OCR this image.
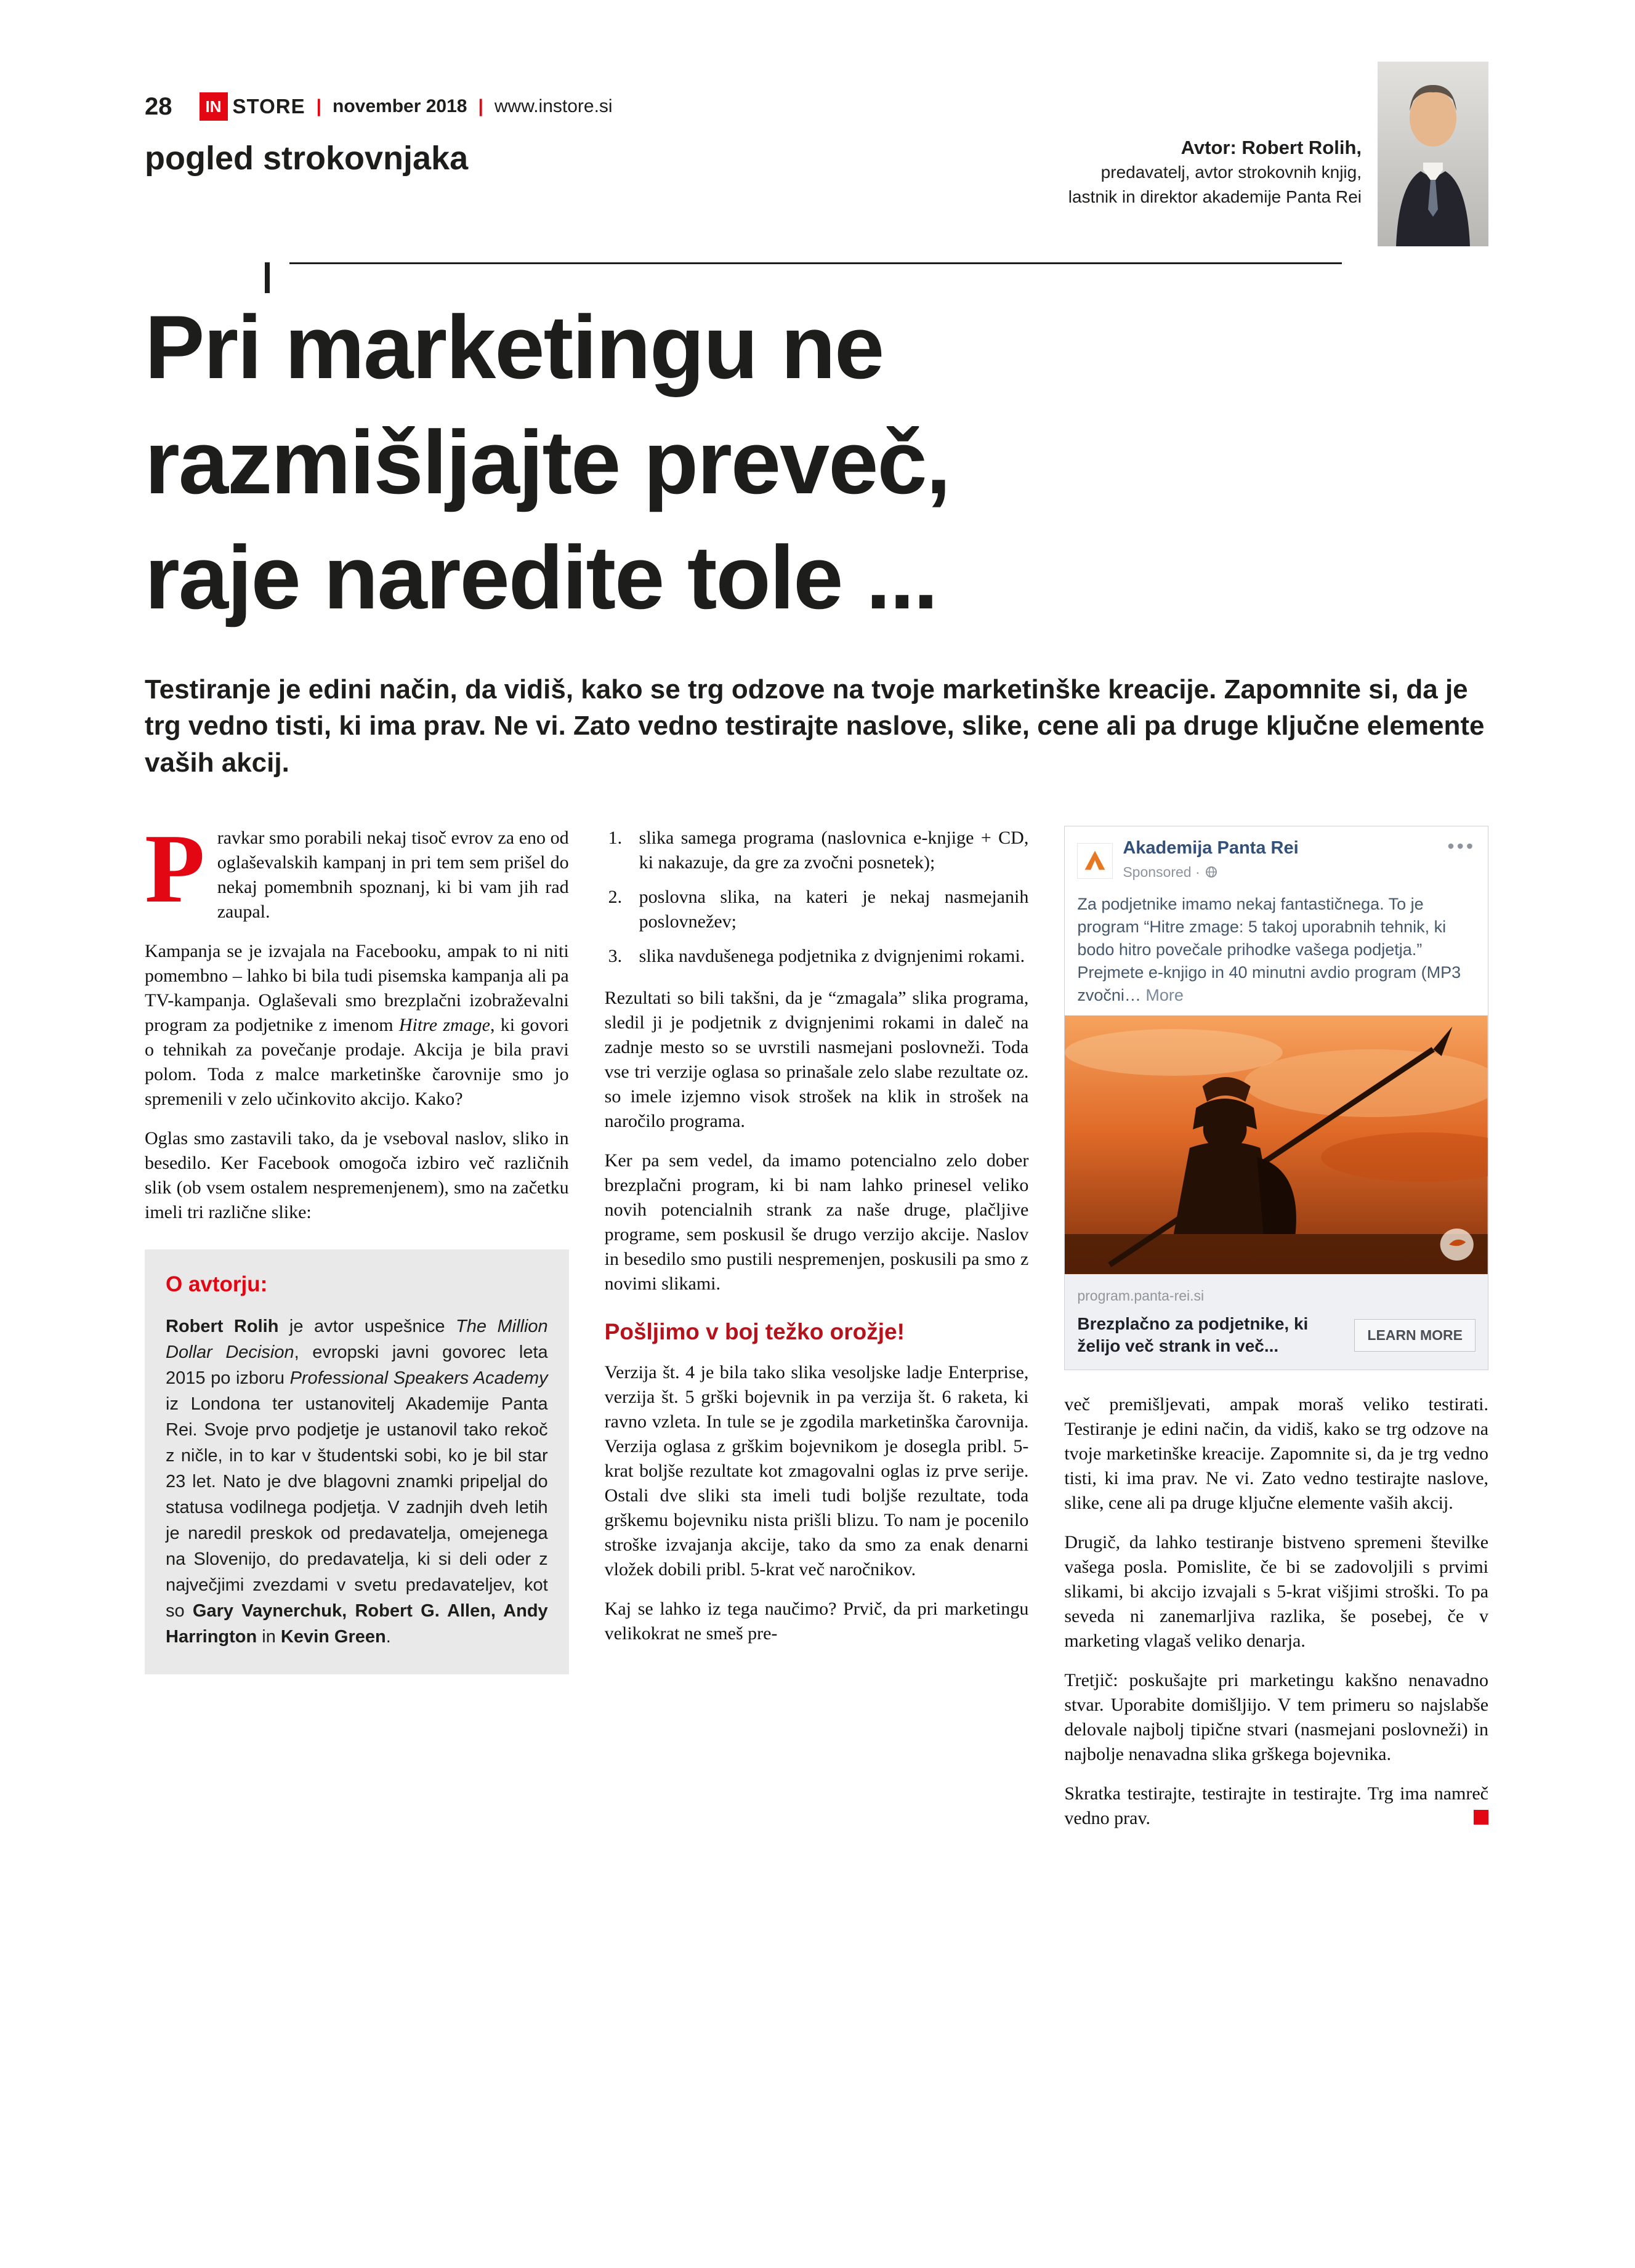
28	IN STORE | november 2018 | www.instore.si
pogled strokovnjaka	Avtor: Robert Rolih,
predavatelj, avtor strokovnih knjig,
lastnik in direktor akademije Panta Rei
Pri marketingu ne
razmišljajte preveč,
raje naredite tole ...

Testiranje je edini način, da vidiš, kako se trg odzove na tvoje marketinške kreacije. Zapomnite si, da je trg vedno tisti, ki ima prav. Ne vi. Zato vedno testirajte naslove, slike, cene ali pa druge ključne elemente vaših akcij.

Pravkar smo porabili nekaj tisoč evrov za eno od oglaševalskih kampanj in pri tem sem prišel do nekaj pomembnih spoznanj, ki bi vam jih rad zaupal.

Kampanja se je izvajala na Facebooku, ampak to ni niti pomembno – lahko bi bila tudi pisemska kampanja ali pa TV-kampanja. Oglaševali smo brezplačni izobraževalni program za podjetnike z imenom Hitre zmage, ki govori o tehnikah za povečanje prodaje. Akcija je bila pravi polom. Toda z malce marketinške čarovnije smo jo spremenili v zelo učinkovito akcijo. Kako?

Oglas smo zastavili tako, da je vseboval naslov, sliko in besedilo. Ker Facebook omogoča izbiro več različnih slik (ob vsem ostalem nespremenjenem), smo na začetku imeli tri različne slike:

O avtorju:

Robert Rolih je avtor uspešnice The Million Dollar Decision, evropski javni govorec leta 2015 po izboru Professional Speakers Academy iz Londona ter ustanovitelj Akademije Panta Rei. Svoje prvo podjetje je ustanovil tako rekoč z ničle, in to kar v študentski sobi, ko je bil star 23 let. Nato je dve blagovni znamki pripeljal do statusa vodilnega podjetja. V zadnjih dveh letih je naredil preskok od predavatelja, omejenega na Slovenijo, do predavatelja, ki si deli oder z največjimi zvezdami v svetu predavateljev, kot so Gary Vaynerchuk, Robert G. Allen, Andy Harrington in Kevin Green.

1. slika samega programa (naslovnica e-knjige + CD, ki nakazuje, da gre za zvočni posnetek);
2. poslovna slika, na kateri je nekaj nasmejanih poslovnežev;
3. slika navdušenega podjetnika z dvignjenimi rokami.

Rezultati so bili takšni, da je “zmagala” slika programa, sledil ji je podjetnik z dvignjenimi rokami in daleč na zadnje mesto so se uvrstili nasmejani poslovneži. Toda vse tri verzije oglasa so prinašale zelo slabe rezultate oz. so imele izjemno visok strošek na klik in strošek na naročilo programa.

Ker pa sem vedel, da imamo potencialno zelo dober brezplačni program, ki bi nam lahko prinesel veliko novih potencialnih strank za naše druge, plačljive programe, sem poskusil še drugo verzijo akcije. Naslov in besedilo smo pustili nespremenjen, poskusili pa smo z novimi slikami.

Pošljimo v boj težko orožje!

Verzija št. 4 je bila tako slika vesoljske ladje Enterprise, verzija št. 5 grški bojevnik in pa verzija št. 6 raketa, ki ravno vzleta. In tule se je zgodila marketinška čarovnija. Verzija oglasa z grškim bojevnikom je dosegla pribl. 5-krat boljše rezultate kot zmagovalni oglas iz prve serije. Ostali dve sliki sta imeli tudi boljše rezultate, toda grškemu bojevniku nista prišli blizu. To nam je pocenilo stroške izvajanja akcije, tako da smo za enak denarni vložek dobili pribl. 5-krat več naročnikov.

Kaj se lahko iz tega naučimo? Prvič, da pri marketingu velikokrat ne smeš pre-

Akademija Panta Rei
Sponsored ·
•••
Za podjetnike imamo nekaj fantastičnega. To je program “Hitre zmage: 5 takoj uporabnih tehnik, ki bodo hitro povečale prihodke vašega podjetja.”
Prejmete e-knjigo in 40 minutni avdio program (MP3 zvočni… More
program.panta-rei.si
Brezplačno za podjetnike, ki želijo več strank in več...
LEARN MORE

več premišljevati, ampak moraš veliko testirati. Testiranje je edini način, da vidiš, kako se trg odzove na tvoje marketinške kreacije. Zapomnite si, da je trg vedno tisti, ki ima prav. Ne vi. Zato vedno testirajte naslove, slike, cene ali pa druge ključne elemente vaših akcij.

Drugič, da lahko testiranje bistveno spremeni številke vašega posla. Pomislite, če bi se zadovoljili s prvimi slikami, bi akcijo izvajali s 5-krat višjimi stroški. To pa seveda ni zanemarljiva razlika, še posebej, če v marketing vlagaš veliko denarja.

Tretjič: poskušajte pri marketingu kakšno nenavadno stvar. Uporabite domišljijo. V tem primeru so najslabše delovale najbolj tipične stvari (nasmejani poslovneži) in najbolje nenavadna slika grškega bojevnika.

Skratka testirajte, testirajte in testirajte. Trg ima namreč vedno prav.
